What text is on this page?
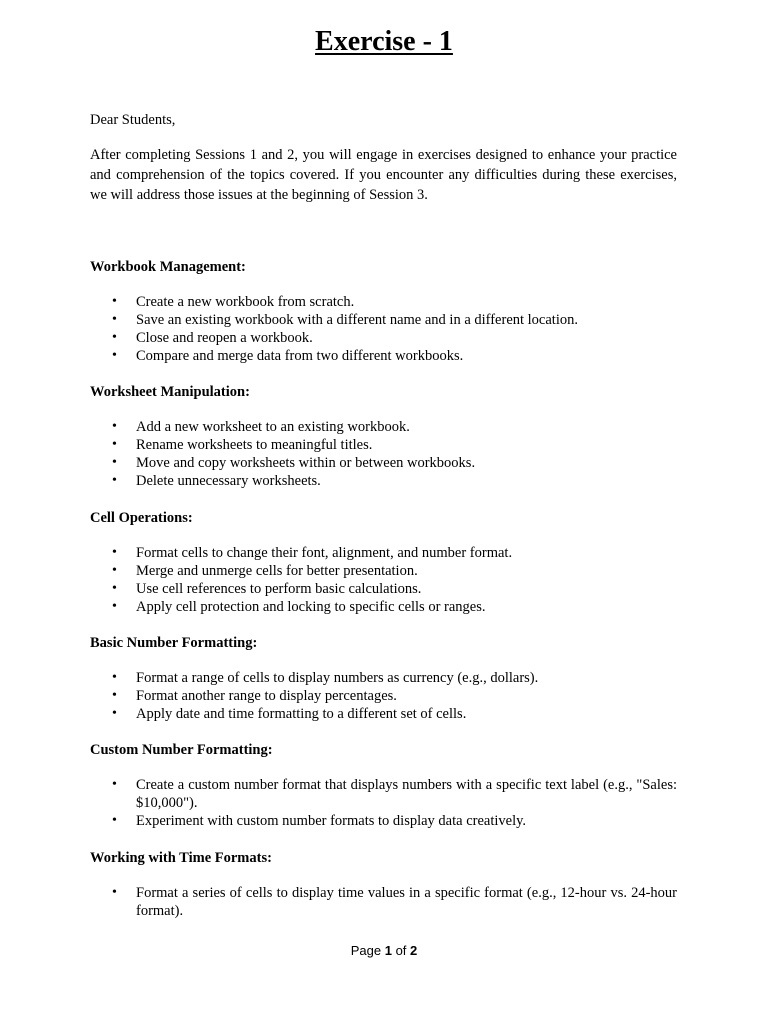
Exercise - 1

Dear Students,

After completing Sessions 1 and 2, you will engage in exercises designed to enhance your practice and comprehension of the topics covered. If you encounter any difficulties during these exercises, we will address those issues at the beginning of Session 3.

Workbook Management:

• Create a new workbook from scratch.
• Save an existing workbook with a different name and in a different location.
• Close and reopen a workbook.
• Compare and merge data from two different workbooks.

Worksheet Manipulation:

• Add a new worksheet to an existing workbook.
• Rename worksheets to meaningful titles.
• Move and copy worksheets within or between workbooks.
• Delete unnecessary worksheets.

Cell Operations:

• Format cells to change their font, alignment, and number format.
• Merge and unmerge cells for better presentation.
• Use cell references to perform basic calculations.
• Apply cell protection and locking to specific cells or ranges.

Basic Number Formatting:

• Format a range of cells to display numbers as currency (e.g., dollars).
• Format another range to display percentages.
• Apply date and time formatting to a different set of cells.

Custom Number Formatting:

• Create a custom number format that displays numbers with a specific text label (e.g., "Sales: $10,000").
• Experiment with custom number formats to display data creatively.

Working with Time Formats:

• Format a series of cells to display time values in a specific format (e.g., 12-hour vs. 24-hour format).
Page 1 of 2
